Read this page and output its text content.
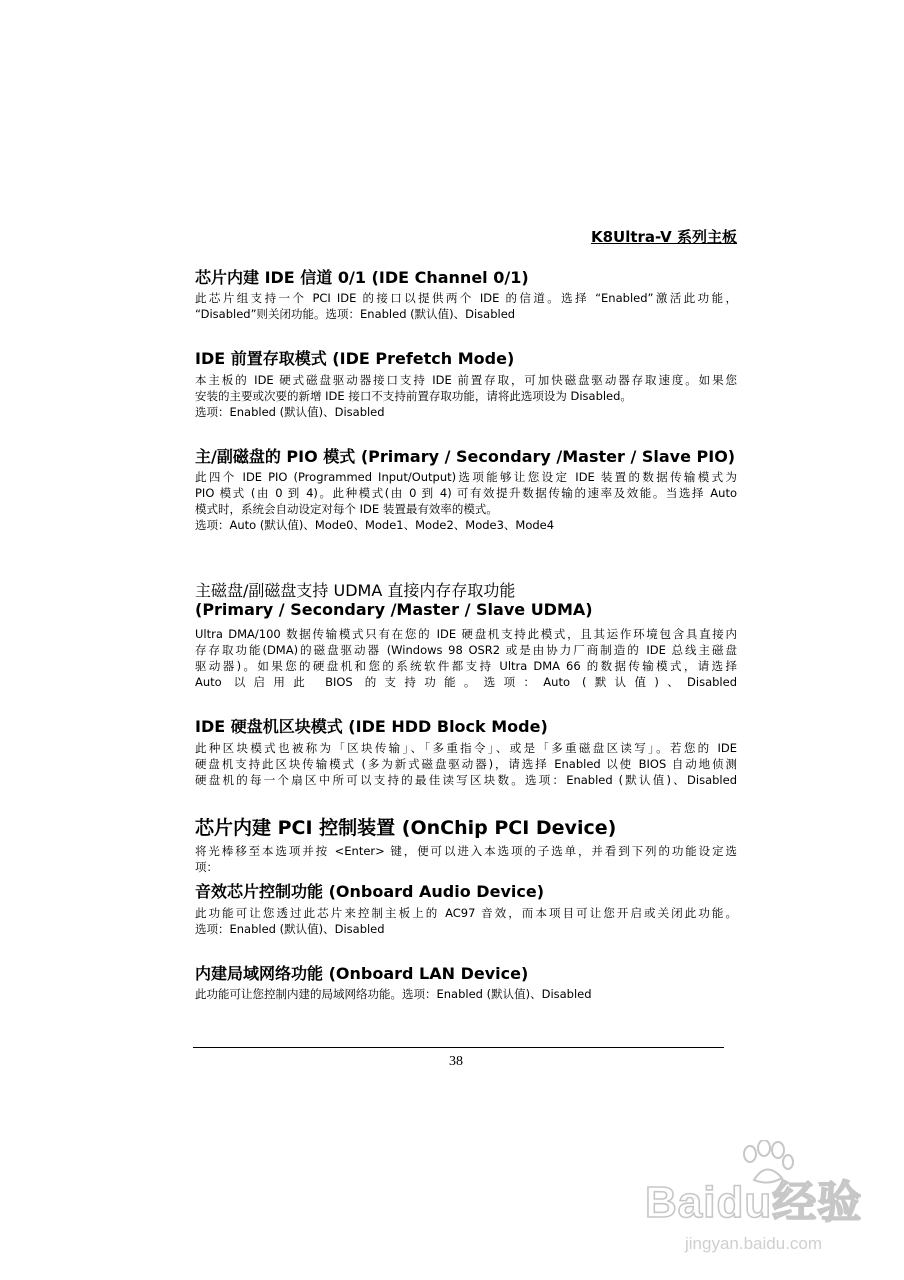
K8Ultra-V 系列主板
芯片内建 IDE 信道 0/1 (IDE Channel 0/1)
此芯片组支持一个 PCI IDE 的接口以提供两个 IDE 的信道。选择 “Enabled”激活此功能，
“Disabled”则关闭功能。选项：Enabled (默认值)、Disabled
IDE 前置存取模式 (IDE Prefetch Mode)
本主板的 IDE 硬式磁盘驱动器接口支持 IDE 前置存取，可加快磁盘驱动器存取速度。如果您
安装的主要或次要的新增 IDE 接口不支持前置存取功能，请将此选项设为 Disabled。
选项：Enabled (默认值)、Disabled
主/副磁盘的 PIO 模式 (Primary / Secondary /Master / Slave PIO)
此四个 IDE PIO (Programmed Input/Output)选项能够让您设定 IDE 装置的数据传输模式为
PIO 模式 (由 0 到 4)。此种模式(由 0 到 4) 可有效提升数据传输的速率及效能。当选择 Auto
模式时，系统会自动设定对每个 IDE 装置最有效率的模式。
选项：Auto (默认值)、Mode0、Mode1、Mode2、Mode3、Mode4
主磁盘/副磁盘支持 UDMA 直接内存存取功能
(Primary / Secondary /Master / Slave UDMA)
Ultra DMA/100 数据传输模式只有在您的 IDE 硬盘机支持此模式，且其运作环境包含具直接内
存存取功能(DMA)的磁盘驱动器 (Windows 98 OSR2 或是由协力厂商制造的 IDE 总线主磁盘
驱动器)。如果您的硬盘机和您的系统软件都支持 Ultra DMA 66 的数据传输模式，请选择
Auto 以启用此 BIOS 的支持功能。选项：Auto (默认值)、Disabled
IDE 硬盘机区块模式 (IDE HDD Block Mode)
此种区块模式也被称为「区块传输」、「多重指令」、或是「多重磁盘区读写」。若您的 IDE
硬盘机支持此区块传输模式 (多为新式磁盘驱动器)，请选择 Enabled 以使 BIOS 自动地侦测
硬盘机的每一个扇区中所可以支持的最佳读写区块数。选项：Enabled (默认值)、Disabled
芯片内建 PCI 控制装置 (OnChip PCI Device)
将光棒移至本选项并按 <Enter> 键，便可以进入本选项的子选单，并看到下列的功能设定选
项：
音效芯片控制功能 (Onboard Audio Device)
此功能可让您透过此芯片来控制主板上的 AC97 音效，而本项目可让您开启或关闭此功能。
选项：Enabled (默认值)、Disabled
内建局域网络功能 (Onboard LAN Device)
此功能可让您控制内建的局域网络功能。选项：Enabled (默认值)、Disabled
38
Baidu经验
jingyan.baidu.com
